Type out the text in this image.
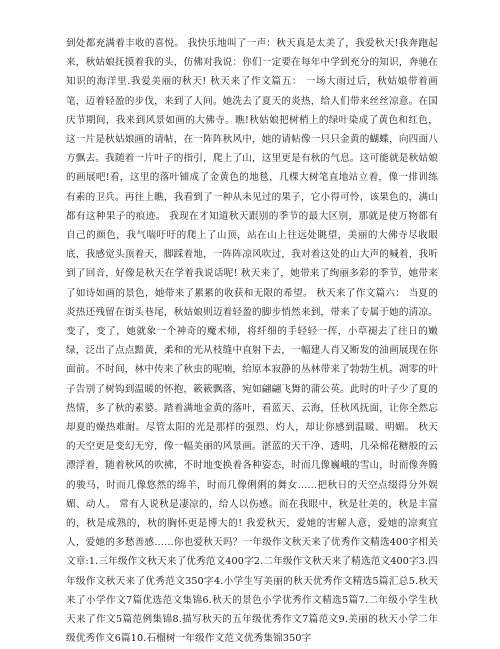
到处都充满着丰收的喜悦。 我快乐地叫了一声：秋天真是太美了，我爱秋天!我奔跑起来，秋姑娘抚摸着我的头，仿佛对我说：你们一定要在每年中学到充分的知识，奔驰在知识的海洋里.我爱美丽的秋天! 秋天来了作文篇五： 一场大雨过后，秋姑娘带着画笔，迈着轻盈的步伐，来到了人间。她洗去了夏天的炎热，给人们带来丝丝凉意。在国庆节期间，我来到风景如画的大佛寺。瞧!秋姑娘把树梢上的绿叶染成了黄色和红色，这一片是秋姑娘画的请帖，在一阵阵秋风中，她的请帖像一只只金黄的蝴蝶，向四面八方飘去。我随着一片叶子的指引，爬上了山，这里更是有秋的气息。这可能就是秋姑娘的画展吧!看，这里的落叶铺成了金黄色的地毯，几棵大树笔直地站立着，像一排训练有素的卫兵。再往上瞧，我看到了一种从未见过的果子，它小得可怜，该果色的，满山都有这种果子的痕迹。 我现在才知道秋天跟别的季节的最大区别，那就是使万物都有自己的颜色，我气喘吁吁的爬上了山顶，站在山上往远处眺望，美丽的大佛寺尽收眼底，我感觉头顶着天，脚踩着地，一阵阵凉风吹过，我对着这处的山大声的喊着，我听到了回音，好像是秋天在学着我说话呢! 秋天来了，她带来了绚丽多彩的季节，她带来了如诗如画的景色，她带来了累累的收获和无限的希望。 秋天来了作文篇六： 当夏的炎热还残留在街头巷尾，秋姑娘则迈着轻盈的脚步悄然来到，带来了专属于她的清凉。 变了，变了，她就象一个神奇的魔术师，将纤细的手轻轻一挥，小草褪去了往日的嫩绿，泛出了点点黯黄，柔和的光从枝缝中直射下去，一幅建人肖又断发的油画展现在你面前。不时间，林中传来了秋虫的呢喃，给原本寂静的丛林带来了勃勃生机。凋零的叶子告别了树钩到温暖的怀抱，簌簌飘落，宛如翩翩飞舞的蒲公英。此时的叶子少了夏的热情，多了秋的素婆。踏着满地金黄的落叶，看蓝天、云海，任秋风抚面，让你全然忘却夏的燥热难耐。尽管太阳的光是那样的强烈、灼人，却让你感到温暖、明媚。 秋天的天空更是变幻无穷，像一幅美丽的风景画。湛蓝的天干净、透明，几朵棉花糖般的云漂浮着，随着秋风的吹拂，不时地变换着各种姿态，时而几像巍峨的雪山，时而像奔腾的骏马，时而几像悠然的绵羊，时而几像俐俐的舞女……把秋日的天空点缀得分外娱媚、动人。 常有人说秋是凄凉的，给人以伤感。而在我眼中，秋是壮美的，秋是丰富的，秋是成熟的，秋的胸怀更是博大的! 我爱秋天，爱她的害解人意，爱她的凉爽宜人，爱她的多愁善感……你也爱秋天吗？一年级作文秋天来了优秀作文精选400字相关文章:1.三年级作文秋天来了优秀范文400字2.二年级作文秋天来了精选范文400字3.四年级作文秋天来了优秀范文350字4.小学生写美丽的秋天优秀作文精选5篇汇总5.秋天来了小学作文7篇优选范文集锦6.秋天的景色小学优秀作文精选5篇7.二年级小学生秋天来了作文5篇范例集锦8.描写秋天的五年级优秀作文7篇范文9.美丽的秋天小学二年级优秀作文6篇10.石榴树一年级作文范文优秀集锦350字
